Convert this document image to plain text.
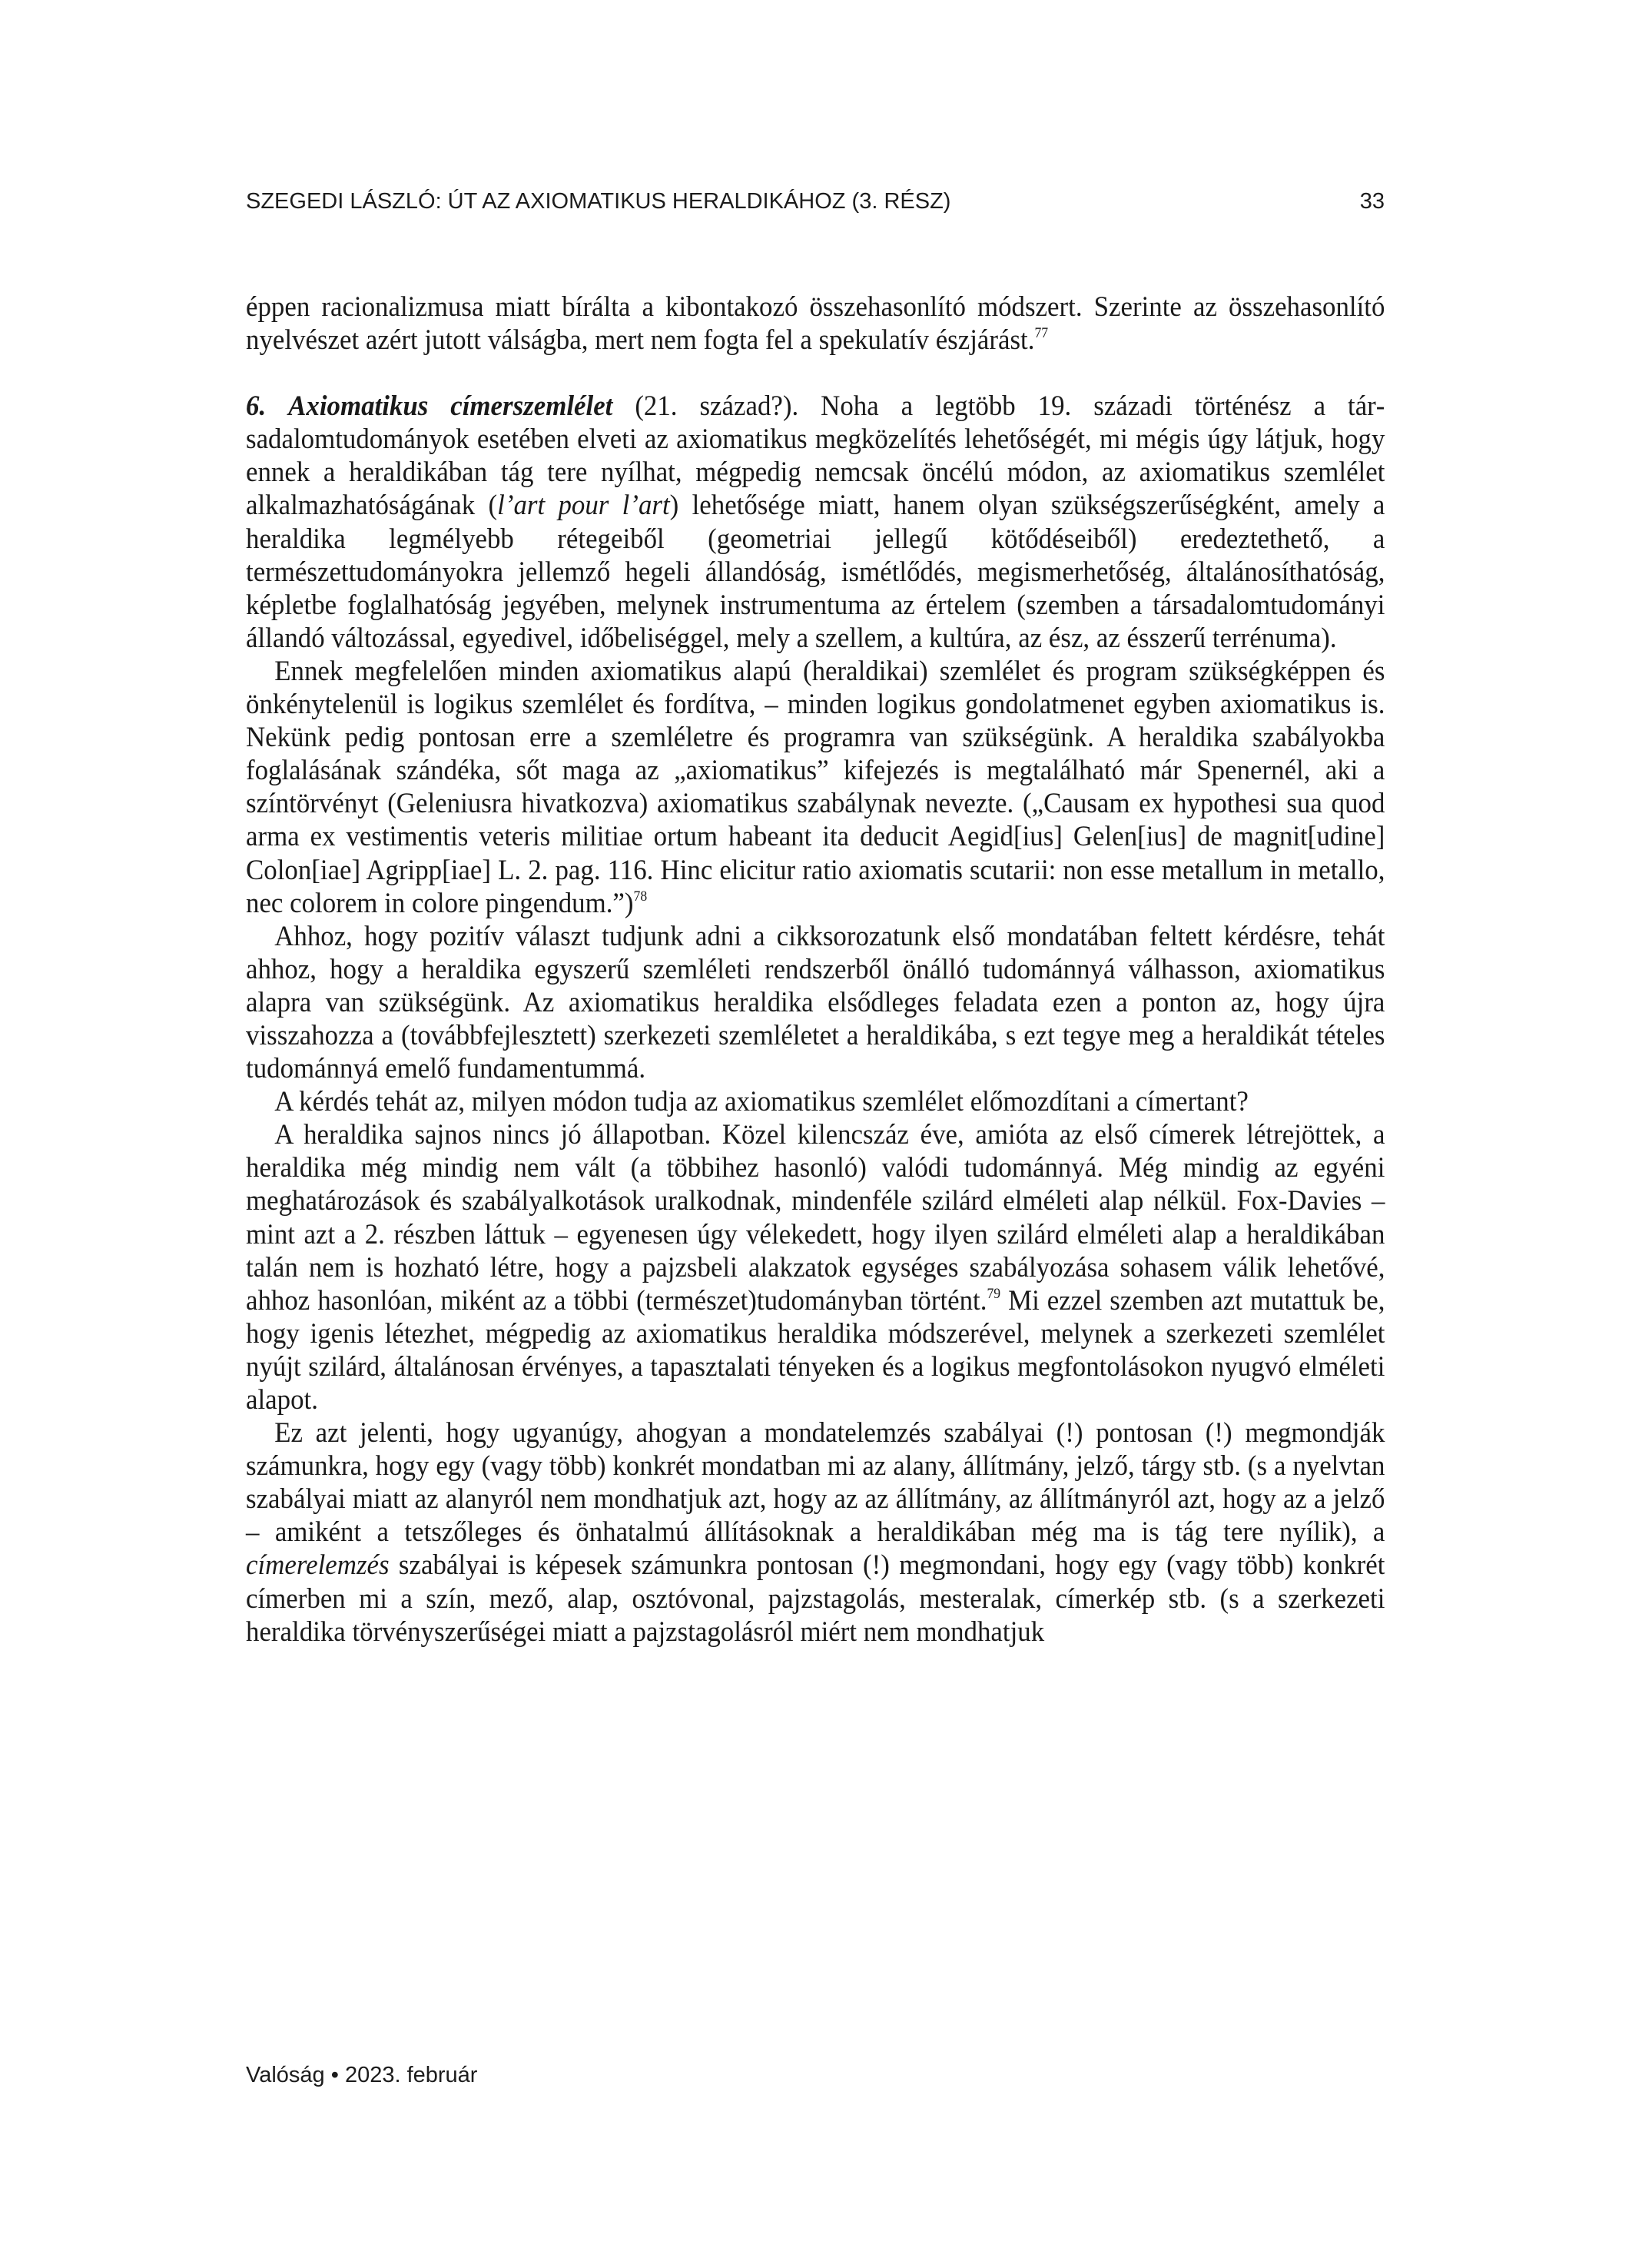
SZEGEDI LÁSZLÓ: ÚT AZ AXIOMATIKUS HERALDIKÁHOZ (3. RÉSZ)	33

éppen racionalizmusa miatt bírálta a kibontakozó összehasonlító módszert. Szerinte az összehasonlító nyelvészet azért jutott válságba, mert nem fogta fel a spekulatív észjárást.$^{77}$

6. Axiomatikus címerszemlélet (21. század?). Noha a legtöbb 19. századi történész a társadalomtudományok esetében elveti az axiomatikus megközelítés lehetőségét, mi mégis úgy látjuk, hogy ennek a heraldikában tág tere nyílhat, mégpedig nemcsak öncélú módon, az axiomatikus szemlélet alkalmazhatóságának (l’art pour l’art) lehetősége miatt, hanem olyan szükségszerűségként, amely a heraldika legmélyebb rétegeiből (geometriai jellegű kötődéseiből) eredeztethető, a természettudományokra jellemző hegeli állandóság, ismétlődés, megismerhetőség, általánosíthatóság, képletbe foglalhatóság jegyében, melynek instrumentuma az értelem (szemben a társadalomtudományi állandó változással, egyedivel, időbeliséggel, mely a szellem, a kultúra, az ész, az ésszerű terrénuma).

Ennek megfelelően minden axiomatikus alapú (heraldikai) szemlélet és program szükségképpen és önkénytelenül is logikus szemlélet és fordítva, – minden logikus gondolatmenet egyben axiomatikus is. Nekünk pedig pontosan erre a szemléletre és programra van szükségünk. A heraldika szabályokba foglalásának szándéka, sőt maga az „axiomatikus” kifejezés is megtalálható már Spenernél, aki a színtörvényt (Geleniusra hivatkozva) axiomatikus szabálynak nevezte. („Causam ex hypothesi sua quod arma ex vestimentis veteris militiae ortum habeant ita deducit Aegid[ius] Gelen[ius] de magnit[udine] Colon[iae] Agripp[iae] L. 2. pag. 116. Hinc elicitur ratio axiomatis scutarii: non esse metallum in metallo, nec colorem in colore pingendum.”)$^{78}$

Ahhoz, hogy pozitív választ tudjunk adni a cikksorozatunk első mondatában feltett kérdésre, tehát ahhoz, hogy a heraldika egyszerű szemléleti rendszerből önálló tudománnyá válhasson, axiomatikus alapra van szükségünk. Az axiomatikus heraldika elsődleges feladata ezen a ponton az, hogy újra visszahozza a (továbbfejlesztett) szerkezeti szemléletet a heraldikába, s ezt tegye meg a heraldikát tételes tudománnyá emelő fundamentummá.

A kérdés tehát az, milyen módon tudja az axiomatikus szemlélet előmozdítani a címertant?

A heraldika sajnos nincs jó állapotban. Közel kilencszáz éve, amióta az első címerek létrejöttek, a heraldika még mindig nem vált (a többihez hasonló) valódi tudománnyá. Még mindig az egyéni meghatározások és szabályalkotások uralkodnak, mindenféle szilárd elméleti alap nélkül. Fox-Davies – mint azt a 2. részben láttuk – egyenesen úgy vélekedett, hogy ilyen szilárd elméleti alap a heraldikában talán nem is hozható létre, hogy a pajzsbeli alakzatok egységes szabályozása sohasem válik lehetővé, ahhoz hasonlóan, miként az a többi (természet)tudományban történt.$^{79}$ Mi ezzel szemben azt mutattuk be, hogy igenis létezhet, mégpedig az axiomatikus heraldika módszerével, melynek a szerkezeti szemlélet nyújt szilárd, általánosan érvényes, a tapasztalati tényeken és a logikus megfontolásokon nyugvó elméleti alapot.

Ez azt jelenti, hogy ugyanúgy, ahogyan a mondatelemzés szabályai (!) pontosan (!) megmondják számunkra, hogy egy (vagy több) konkrét mondatban mi az alany, állítmány, jelző, tárgy stb. (s a nyelvtan szabályai miatt az alanyról nem mondhatjuk azt, hogy az az állítmány, az állítmányról azt, hogy az a jelző – amiként a tetszőleges és önhatalmú állításoknak a heraldikában még ma is tág tere nyílik), a címerelemzés szabályai is képesek számunkra pontosan (!) megmondani, hogy egy (vagy több) konkrét címerben mi a szín, mező, alap, osztóvonal, pajzstagolás, mesteralak, címerkép stb. (s a szerkezeti heraldika törvényszerűségei miatt a pajzstagolásról miért nem mondhatjuk

Valóság • 2023. február
